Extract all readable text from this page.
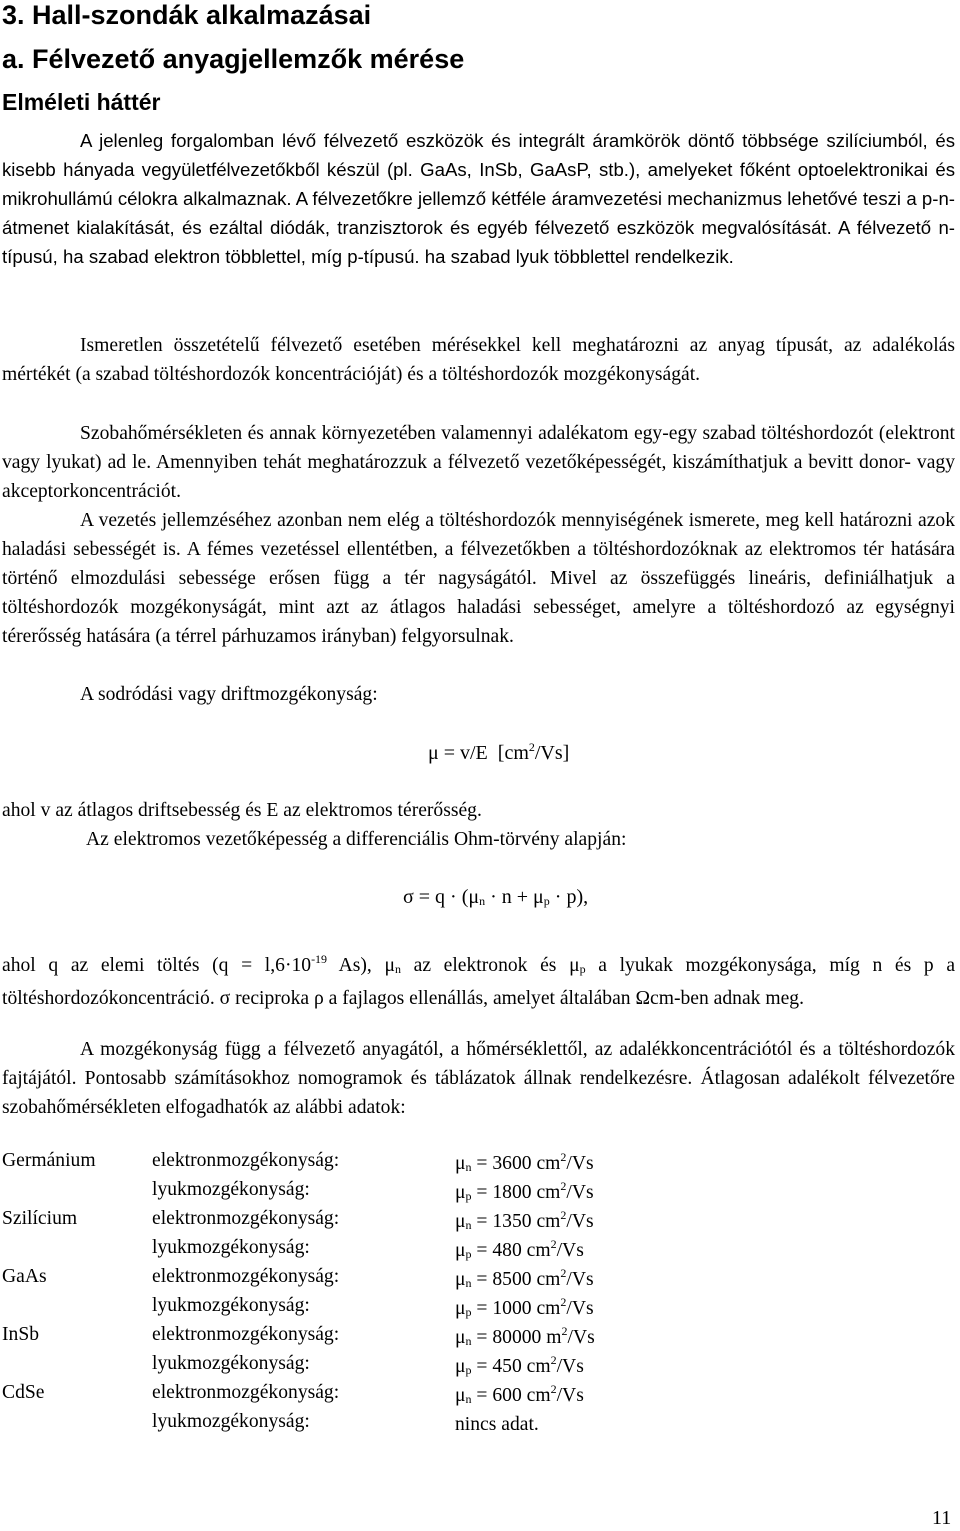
3. Hall-szondák alkalmazásai
a. Félvezető anyagjellemzők mérése
Elméleti háttér
A jelenleg forgalomban lévő félvezető eszközök és integrált áramkörök döntő többsége szilíciumból, és kisebb hányada vegyületfélvezetőkből készül (pl. GaAs, InSb, GaAsP, stb.), amelyeket főként optoelektronikai és mikrohullámú célokra alkalmaznak. A félvezetőkre jellemző kétféle áramvezetési mechanizmus lehetővé teszi a p-n-átmenet kialakítását, és ezáltal diódák, tranzisztorok és egyéb félvezető eszközök megvalósítását. A félvezető n-típusú, ha szabad elektron többlettel, míg p-típusú. ha szabad lyuk többlettel rendelkezik.
Ismeretlen összetételű félvezető esetében mérésekkel kell meghatározni az anyag típusát, az adalékolás mértékét (a szabad töltéshordozók koncentrációját) és a töltéshordozók mozgékonyságát.
Szobahőmérsékleten és annak környezetében valamennyi adalékatom egy-egy szabad töltéshordozót (elektront vagy lyukat) ad le. Amennyiben tehát meghatározzuk a félvezető vezetőképességét, kiszámíthatjuk a bevitt donor- vagy akceptorkoncentrációt.
A vezetés jellemzéséhez azonban nem elég a töltéshordozók mennyiségének ismerete, meg kell határozni azok haladási sebességét is. A fémes vezetéssel ellentétben, a félvezetőkben a töltéshordozóknak az elektromos tér hatására történő elmozdulási sebessége erősen függ a tér nagyságától. Mivel az összefüggés lineáris, definiálhatjuk a töltéshordozók mozgékonyságát, mint azt az átlagos haladási sebességet, amelyre a töltéshordozó az egységnyi térerősség hatására (a térrel párhuzamos irányban) felgyorsulnak.
A sodródási vagy driftmozgékonyság:
μ = v/E $[cm^2/Vs]$
ahol v az átlagos driftsebesség és E az elektromos térerősség.
Az elektromos vezetőképesség a differenciális Ohm-törvény alapján:
$\sigma = q \cdot (\mu_n \cdot n + \mu_p \cdot p)$,
ahol q az elemi töltés ($q = l,6\cdot 10^{-19}$ As), $\mu_n$ az elektronok és $\mu_p$ a lyukak mozgékonysága, míg n és p a töltéshordozókoncentráció. σ reciproka ρ a fajlagos ellenállás, amelyet általában Ωcm-ben adnak meg.
A mozgékonyság függ a félvezető anyagától, a hőmérséklettől, az adalékkoncentrációtól és a töltéshordozók fajtájától. Pontosabb számításokhoz nomogramok és táblázatok állnak rendelkezésre. Átlagosan adalékolt félvezetőre szobahőmérsékleten elfogadhatók az alábbi adatok:
Germánium	elektronmozgékonyság:	$\mu_n = 3600$ $cm^2/Vs$
lyukmozgékonyság:	$\mu_p = 1800$ $cm^2/Vs$
Szilícium	elektronmozgékonyság:	$\mu_n = 1350$ $cm^2/Vs$
lyukmozgékonyság:	$\mu_p = 480$ $cm^2/Vs$
GaAs	elektronmozgékonyság:	$\mu_n = 8500$ $cm^2/Vs$
lyukmozgékonyság:	$\mu_p = 1000$ $cm^2/Vs$
InSb	elektronmozgékonyság:	$\mu_n = 80000$ $m^2/Vs$
lyukmozgékonyság:	$\mu_p = 450$ $cm^2/Vs$
CdSe	elektronmozgékonyság:	$\mu_n = 600$ $cm^2/Vs$
lyukmozgékonyság:	nincs adat.
11
